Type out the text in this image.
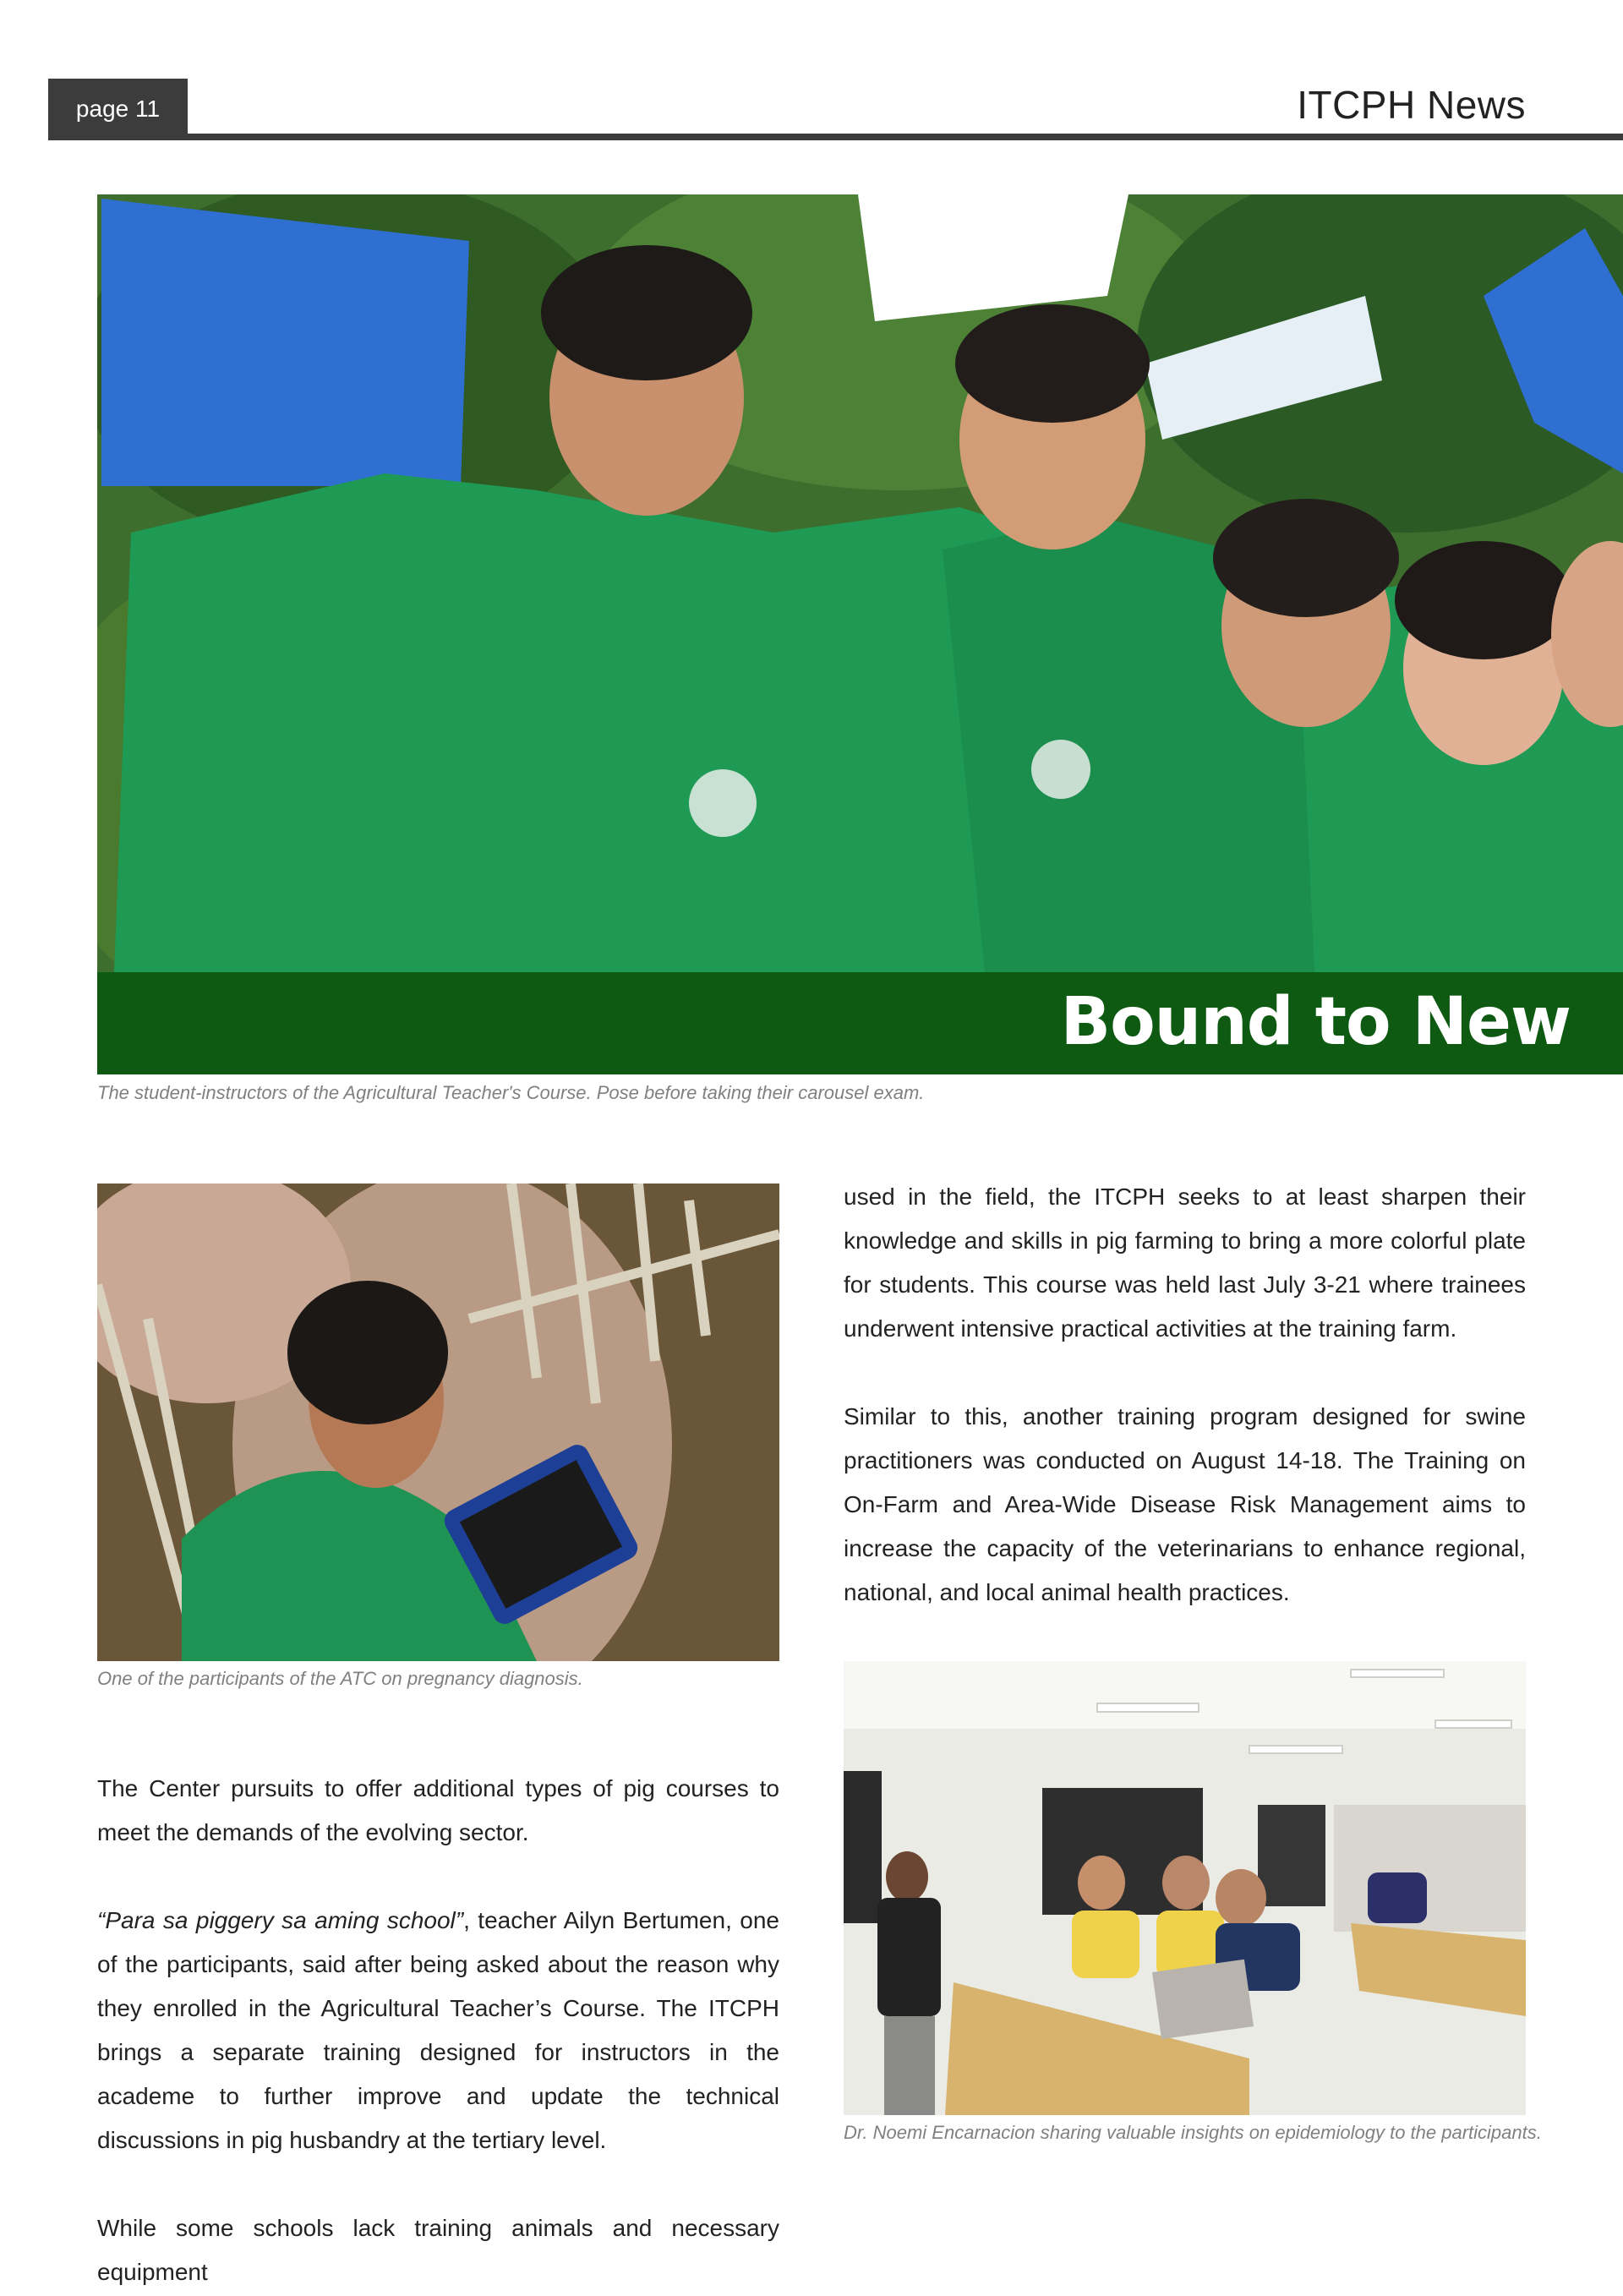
page 11	ITCPH News
Bound to New
The student-instructors of the Agricultural Teacher's Course. Pose before taking their carousel exam.
One of the participants of the ATC on pregnancy diagnosis.

used in the field, the ITCPH seeks to at least sharpen their knowledge and skills in pig farming to bring a more colorful plate for students. This course was held last July 3-21 where trainees underwent intensive practical activities at the training farm.

Similar to this, another training program designed for swine practitioners was conducted on August 14-18. The Training on On-Farm and Area-Wide Disease Risk Management aims to increase the capacity of the veterinarians to enhance regional, national, and local animal health practices.

Dr. Noemi Encarnacion sharing valuable insights on epidemiology to the participants.

The Center pursuits to offer additional types of pig courses to meet the demands of the evolving sector.

“Para sa piggery sa aming school”, teacher Ailyn Bertumen, one of the participants, said after being asked about the reason why they enrolled in the Agricultural Teacher’s Course. The ITCPH brings a separate training designed for instructors in the academe to further improve and update the technical discussions in pig husbandry at the tertiary level.

While some schools lack training animals and necessary equipment
